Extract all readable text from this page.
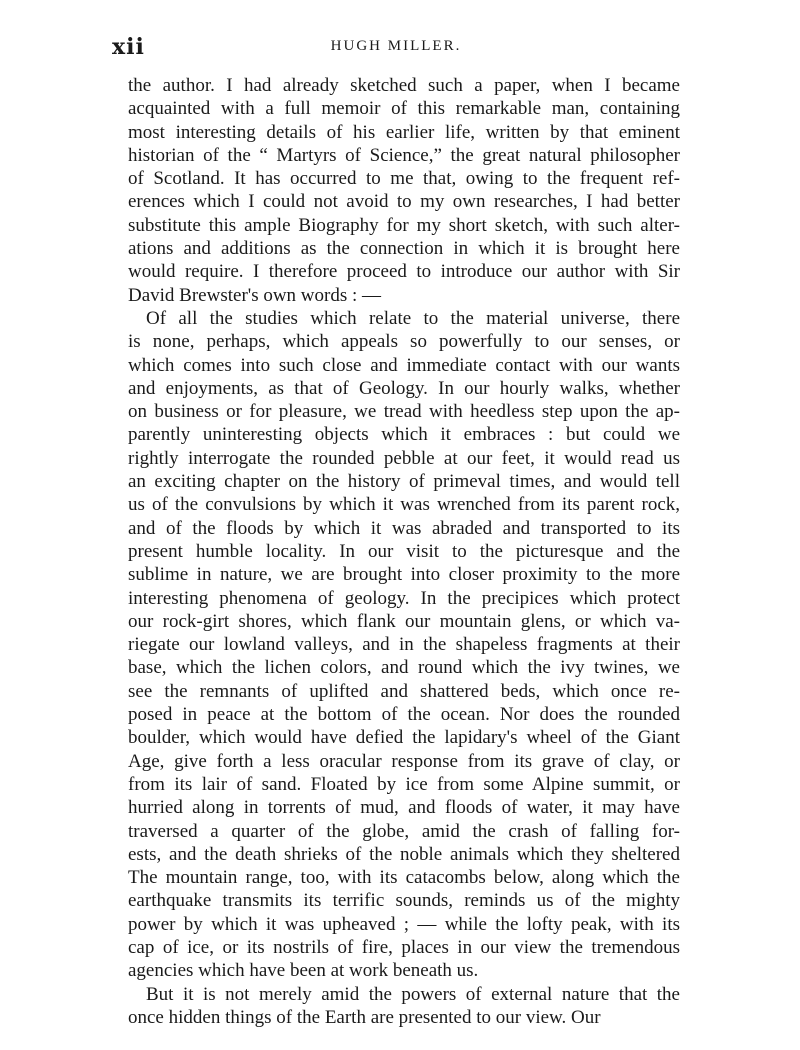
xii	HUGH MILLER.
the author. I had already sketched such a paper, when I became
acquainted with a full memoir of this remarkable man, containing
most interesting details of his earlier life, written by that eminent
historian of the “ Martyrs of Science,” the great natural philosopher
of Scotland. It has occurred to me that, owing to the frequent ref-
erences which I could not avoid to my own researches, I had better
substitute this ample Biography for my short sketch, with such alter-
ations and additions as the connection in which it is brought here
would require. I therefore proceed to introduce our author with Sir
David Brewster's own words : —
Of all the studies which relate to the material universe, there
is none, perhaps, which appeals so powerfully to our senses, or
which comes into such close and immediate contact with our wants
and enjoyments, as that of Geology. In our hourly walks, whether
on business or for pleasure, we tread with heedless step upon the ap-
parently uninteresting objects which it embraces : but could we
rightly interrogate the rounded pebble at our feet, it would read us
an exciting chapter on the history of primeval times, and would tell
us of the convulsions by which it was wrenched from its parent rock,
and of the floods by which it was abraded and transported to its
present humble locality. In our visit to the picturesque and the
sublime in nature, we are brought into closer proximity to the more
interesting phenomena of geology. In the precipices which protect
our rock-girt shores, which flank our mountain glens, or which va-
riegate our lowland valleys, and in the shapeless fragments at their
base, which the lichen colors, and round which the ivy twines, we
see the remnants of uplifted and shattered beds, which once re-
posed in peace at the bottom of the ocean. Nor does the rounded
boulder, which would have defied the lapidary's wheel of the Giant
Age, give forth a less oracular response from its grave of clay, or
from its lair of sand. Floated by ice from some Alpine summit, or
hurried along in torrents of mud, and floods of water, it may have
traversed a quarter of the globe, amid the crash of falling for-
ests, and the death shrieks of the noble animals which they sheltered
The mountain range, too, with its catacombs below, along which the
earthquake transmits its terrific sounds, reminds us of the mighty
power by which it was upheaved ; — while the lofty peak, with its
cap of ice, or its nostrils of fire, places in our view the tremendous
agencies which have been at work beneath us.
But it is not merely amid the powers of external nature that the
once hidden things of the Earth are presented to our view. Our
